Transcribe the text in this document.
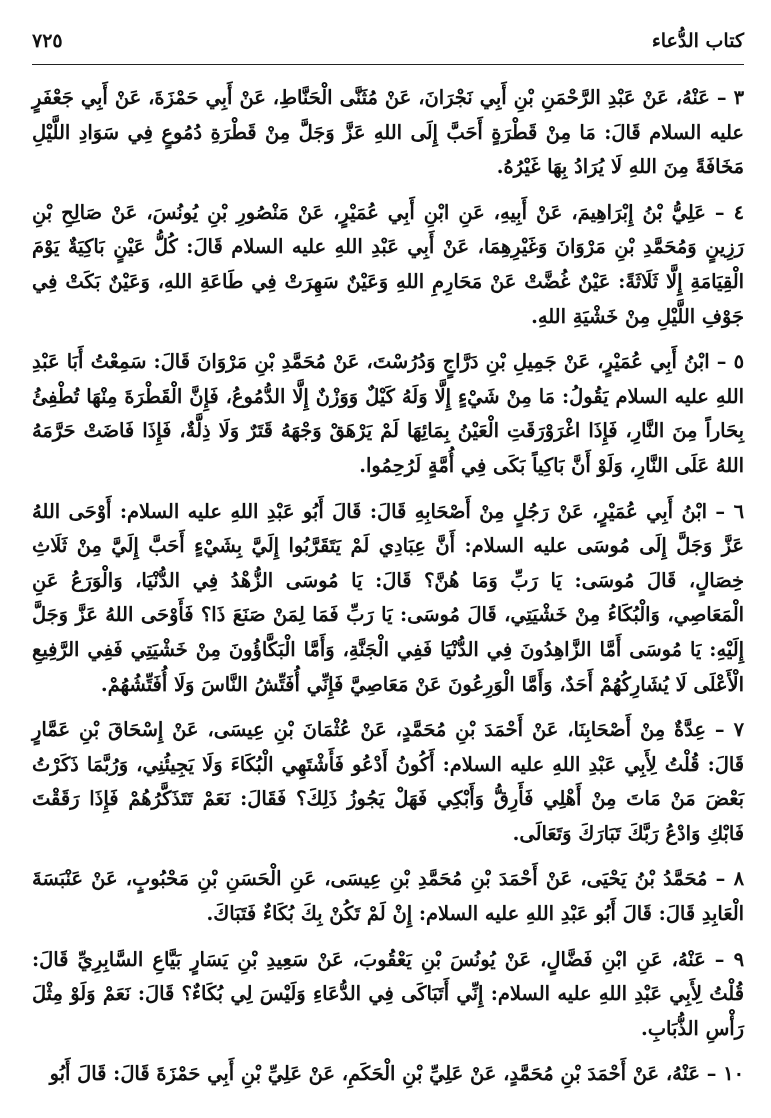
كتاب الدُّعاء
٧٢٥

٣ – عَنْهُ، عَنْ عَبْدِ الرَّحْمَنِ بْنِ أَبِي نَجْرَانَ، عَنْ مُثَنَّى الْحَنَّاطِ، عَنْ أَبِي حَمْزَةَ، عَنْ أَبِي جَعْفَرٍ عليه السلام قَالَ: مَا مِنْ قَطْرَةٍ أَحَبَّ إِلَى اللهِ عَزَّ وَجَلَّ مِنْ قَطْرَةِ دُمُوعٍ فِي سَوَادِ اللَّيْلِ مَخَافَةً مِنَ اللهِ لَا يُرَادُ بِهَا غَيْرُهُ.

٤ – عَلِيُّ بْنُ إِبْرَاهِيمَ، عَنْ أَبِيهِ، عَنِ ابْنِ أَبِي عُمَيْرٍ، عَنْ مَنْصُورِ بْنِ يُونُسَ، عَنْ صَالِحِ بْنِ رَزِينٍ وَمُحَمَّدِ بْنِ مَرْوَانَ وَغَيْرِهِمَا، عَنْ أَبِي عَبْدِ اللهِ عليه السلام قَالَ: كُلُّ عَيْنٍ بَاكِيَةٌ يَوْمَ الْقِيَامَةِ إِلَّا ثَلَاثَةً: عَيْنٌ غُضَّتْ عَنْ مَحَارِمِ اللهِ وَعَيْنٌ سَهِرَتْ فِي طَاعَةِ اللهِ، وَعَيْنٌ بَكَتْ فِي جَوْفِ اللَّيْلِ مِنْ خَشْيَةِ اللهِ.

٥ – ابْنُ أَبِي عُمَيْرٍ، عَنْ جَمِيلِ بْنِ دَرَّاجٍ وَدُرُسْتَ، عَنْ مُحَمَّدِ بْنِ مَرْوَانَ قَالَ: سَمِعْتُ أَبَا عَبْدِ اللهِ عليه السلام يَقُولُ: مَا مِنْ شَيْءٍ إِلَّا وَلَهُ كَيْلٌ وَوَزْنٌ إِلَّا الدُّمُوعُ، فَإِنَّ الْقَطْرَةَ مِنْهَا تُطْفِئُ بِحَاراً مِنَ النَّارِ، فَإِذَا اغْرَوْرَقَتِ الْعَيْنُ بِمَائِهَا لَمْ يَرْهَقْ وَجْهَهُ قَتَرٌ وَلَا ذِلَّةٌ، فَإِذَا فَاضَتْ حَرَّمَهُ اللهُ عَلَى النَّارِ، وَلَوْ أَنَّ بَاكِياً بَكَى فِي أُمَّةٍ لَرُحِمُوا.

٦ – ابْنُ أَبِي عُمَيْرٍ، عَنْ رَجُلٍ مِنْ أَصْحَابِهِ قَالَ: قَالَ أَبُو عَبْدِ اللهِ عليه السلام: أَوْحَى اللهُ عَزَّ وَجَلَّ إِلَى مُوسَى عليه السلام: أَنَّ عِبَادِي لَمْ يَتَقَرَّبُوا إِلَيَّ بِشَيْءٍ أَحَبَّ إِلَيَّ مِنْ ثَلَاثِ خِصَالٍ، قَالَ مُوسَى: يَا رَبِّ وَمَا هُنَّ؟ قَالَ: يَا مُوسَى الزُّهْدُ فِي الدُّنْيَا، وَالْوَرَعُ عَنِ الْمَعَاصِي، وَالْبُكَاءُ مِنْ خَشْيَتِي، قَالَ مُوسَى: يَا رَبِّ فَمَا لِمَنْ صَنَعَ ذَا؟ فَأَوْحَى اللهُ عَزَّ وَجَلَّ إِلَيْهِ: يَا مُوسَى أَمَّا الزَّاهِدُونَ فِي الدُّنْيَا فَفِي الْجَنَّةِ، وَأَمَّا الْبَكَّاؤُونَ مِنْ خَشْيَتِي فَفِي الرَّفِيعِ الْأَعْلَى لَا يُشَارِكُهُمْ أَحَدٌ، وَأَمَّا الْوَرِعُونَ عَنْ مَعَاصِيَّ فَإِنِّي أُفَتِّشُ النَّاسَ وَلَا أُفَتِّشُهُمْ.

٧ – عِدَّةٌ مِنْ أَصْحَابِنَا، عَنْ أَحْمَدَ بْنِ مُحَمَّدٍ، عَنْ عُثْمَانَ بْنِ عِيسَى، عَنْ إِسْحَاقَ بْنِ عَمَّارٍ قَالَ: قُلْتُ لِأَبِي عَبْدِ اللهِ عليه السلام: أَكُونُ أَدْعُو فَأَشْتَهِي الْبُكَاءَ وَلَا يَجِيئُنِي، وَرُبَّمَا ذَكَرْتُ بَعْضَ مَنْ مَاتَ مِنْ أَهْلِي فَأَرِقُّ وَأَبْكِي فَهَلْ يَجُوزُ ذَلِكَ؟ فَقَالَ: نَعَمْ تَتَذَكَّرُهُمْ فَإِذَا رَقَقْتَ فَابْكِ وَادْعُ رَبَّكَ تَبَارَكَ وَتَعَالَى.

٨ – مُحَمَّدُ بْنُ يَحْيَى، عَنْ أَحْمَدَ بْنِ مُحَمَّدِ بْنِ عِيسَى، عَنِ الْحَسَنِ بْنِ مَحْبُوبٍ، عَنْ عَنْبَسَةَ الْعَابِدِ قَالَ: قَالَ أَبُو عَبْدِ اللهِ عليه السلام: إِنْ لَمْ تَكُنْ بِكَ بُكَاءٌ فَتَبَاكَ.

٩ – عَنْهُ، عَنِ ابْنِ فَضَّالٍ، عَنْ يُونُسَ بْنِ يَعْقُوبَ، عَنْ سَعِيدِ بْنِ يَسَارٍ بَيَّاعِ السَّابِرِيِّ قَالَ: قُلْتُ لِأَبِي عَبْدِ اللهِ عليه السلام: إِنِّي أَتَبَاكَى فِي الدُّعَاءِ وَلَيْسَ لِي بُكَاءٌ؟ قَالَ: نَعَمْ وَلَوْ مِثْلَ رَأْسِ الذُّبَابِ.

١٠ – عَنْهُ، عَنْ أَحْمَدَ بْنِ مُحَمَّدٍ، عَنْ عَلِيِّ بْنِ الْحَكَمِ، عَنْ عَلِيِّ بْنِ أَبِي حَمْزَةَ قَالَ: قَالَ أَبُو
